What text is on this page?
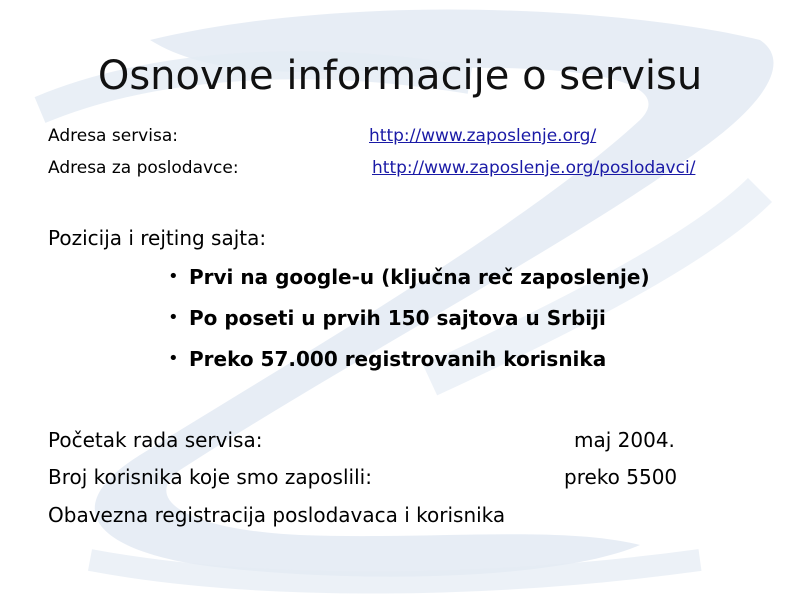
Osnovne informacije o servisu
Adresa servisa:	http://www.zaposlenje.org/
Adresa za poslodavce:	http://www.zaposlenje.org/poslodavci/
Pozicija i rejting sajta:
• Prvi na google-u (ključna reč zaposlenje)
• Po poseti u prvih 150 sajtova u Srbiji
• Preko 57.000 registrovanih korisnika
Početak rada servisa:	maj 2004.
Broj korisnika koje smo zaposlili:	preko 5500
Obavezna registracija poslodavaca i korisnika
